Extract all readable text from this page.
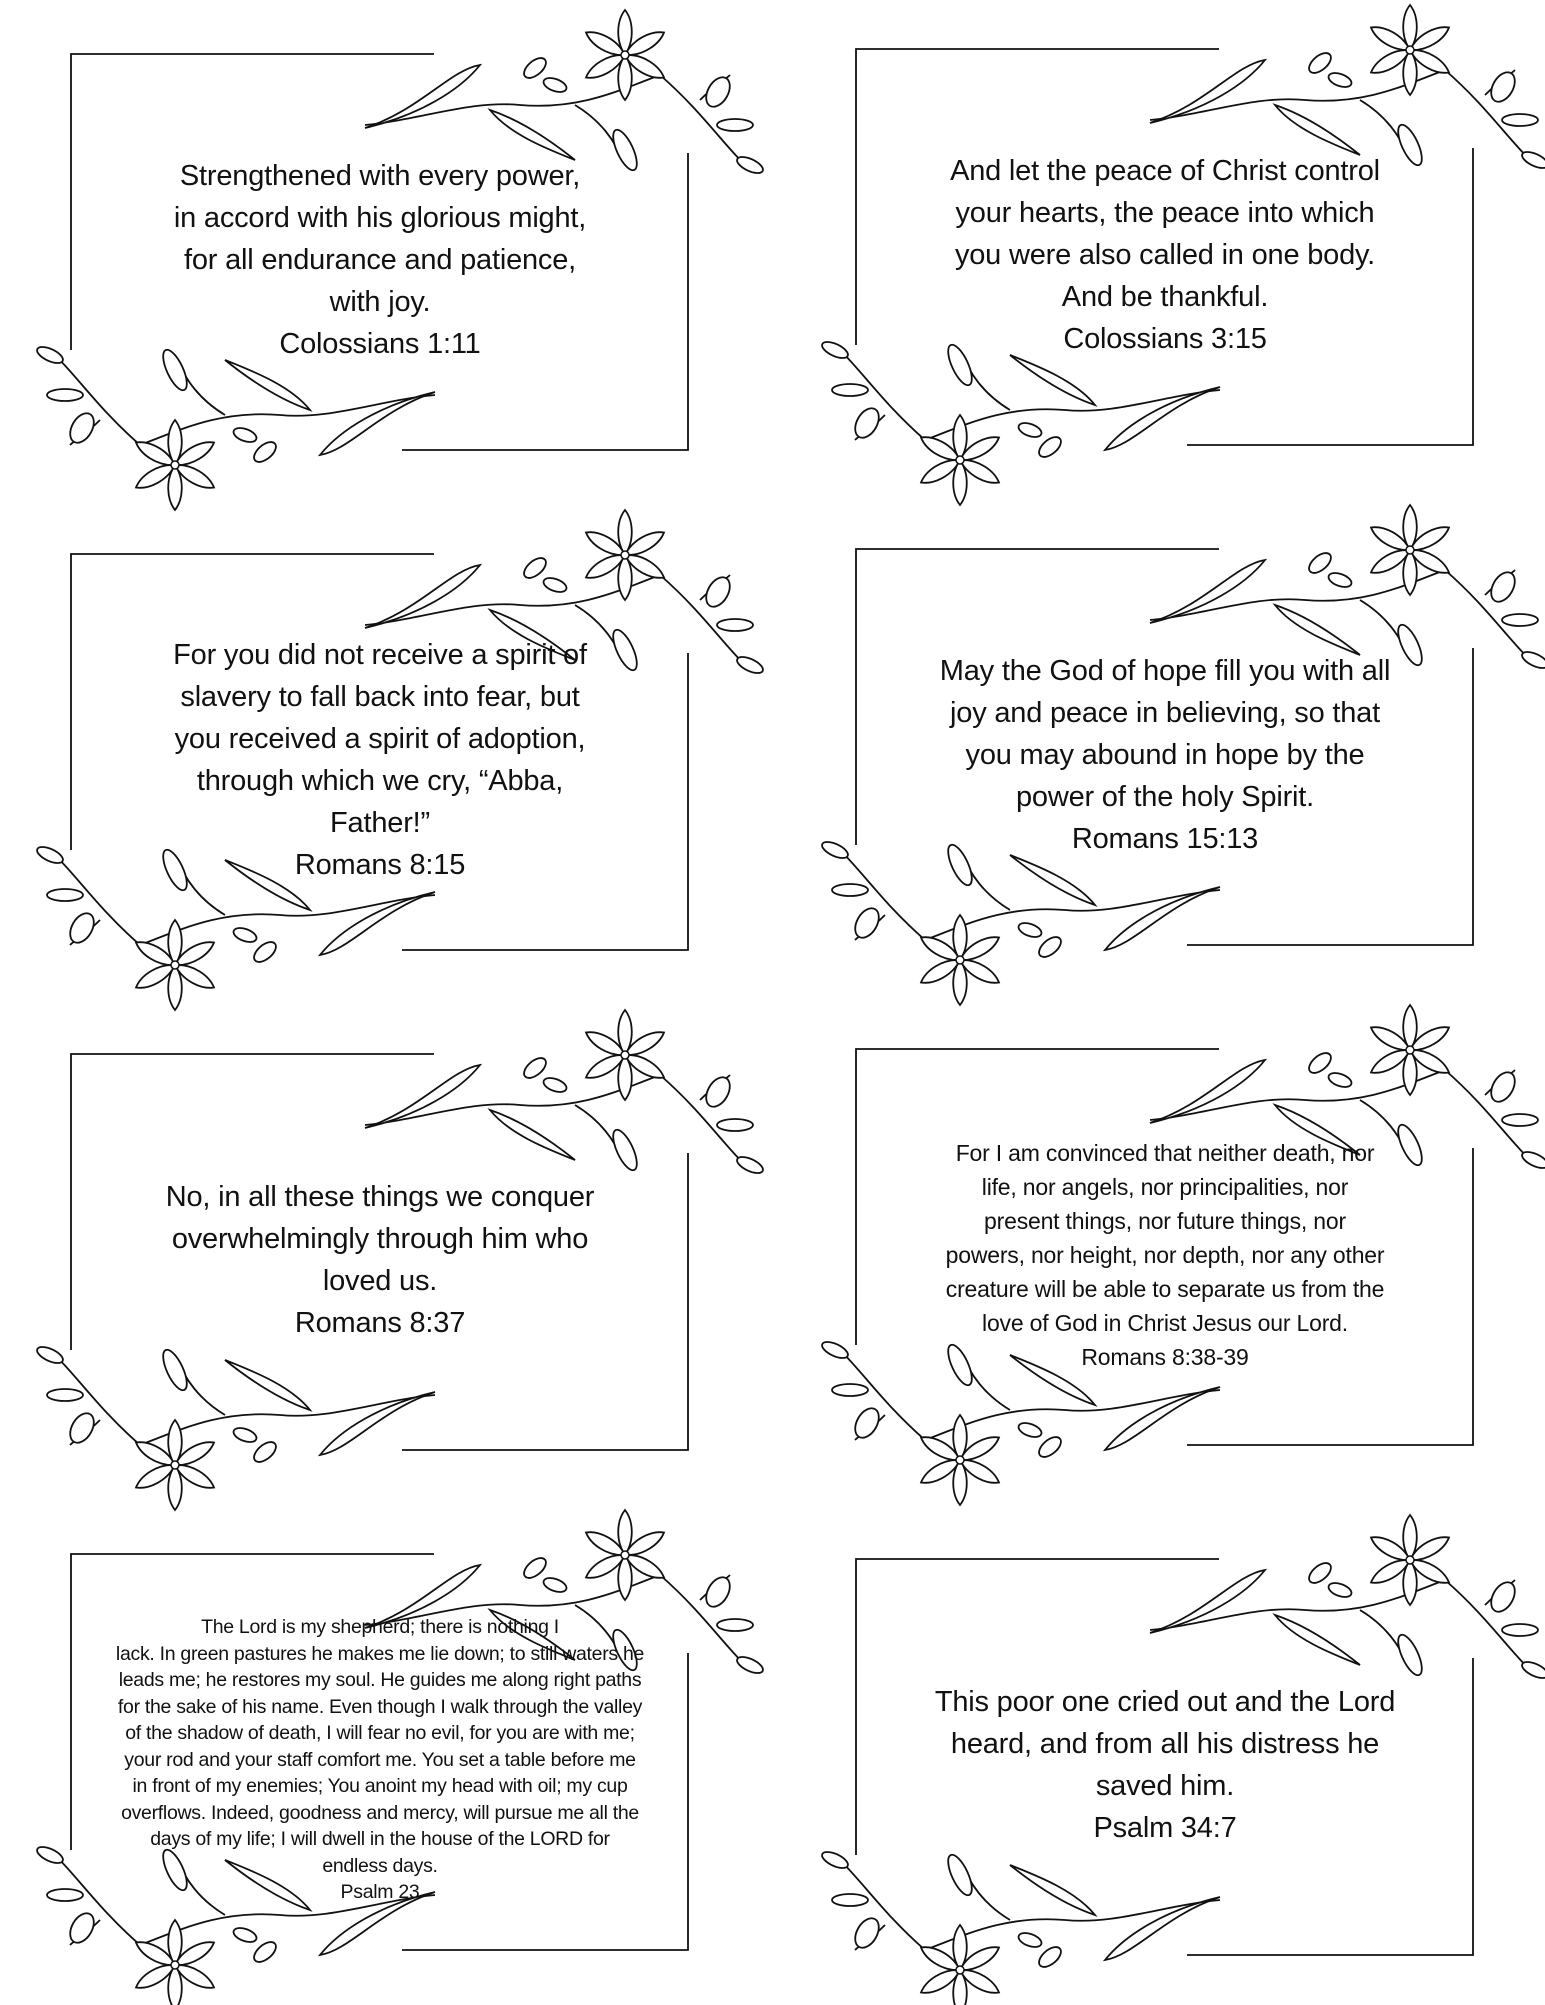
Strengthened with every power,
in accord with his glorious might,
for all endurance and patience,
with joy.
Colossians 1:11
And let the peace of Christ control
your hearts, the peace into which
you were also called in one body.
And be thankful.
Colossians 3:15
For you did not receive a spirit of
slavery to fall back into fear, but
you received a spirit of adoption,
through which we cry, “Abba,
Father!”
Romans 8:15
May the God of hope fill you with all
joy and peace in believing, so that
you may abound in hope by the
power of the holy Spirit.
Romans 15:13
No, in all these things we conquer
overwhelmingly through him who
loved us.
Romans 8:37
For I am convinced that neither death, nor
life, nor angels, nor principalities, nor
present things, nor future things, nor
powers, nor height, nor depth, nor any other
creature will be able to separate us from the
love of God in Christ Jesus our Lord.
Romans 8:38-39
The Lord is my shepherd; there is nothing I
lack. In green pastures he makes me lie down; to still waters he
leads me; he restores my soul. He guides me along right paths
for the sake of his name. Even though I walk through the valley
of the shadow of death, I will fear no evil, for you are with me;
your rod and your staff comfort me. You set a table before me
in front of my enemies; You anoint my head with oil; my cup
overflows. Indeed, goodness and mercy, will pursue me all the
days of my life; I will dwell in the house of the LORD for
endless days.
Psalm 23
This poor one cried out and the Lord
heard, and from all his distress he
saved him.
Psalm 34:7
